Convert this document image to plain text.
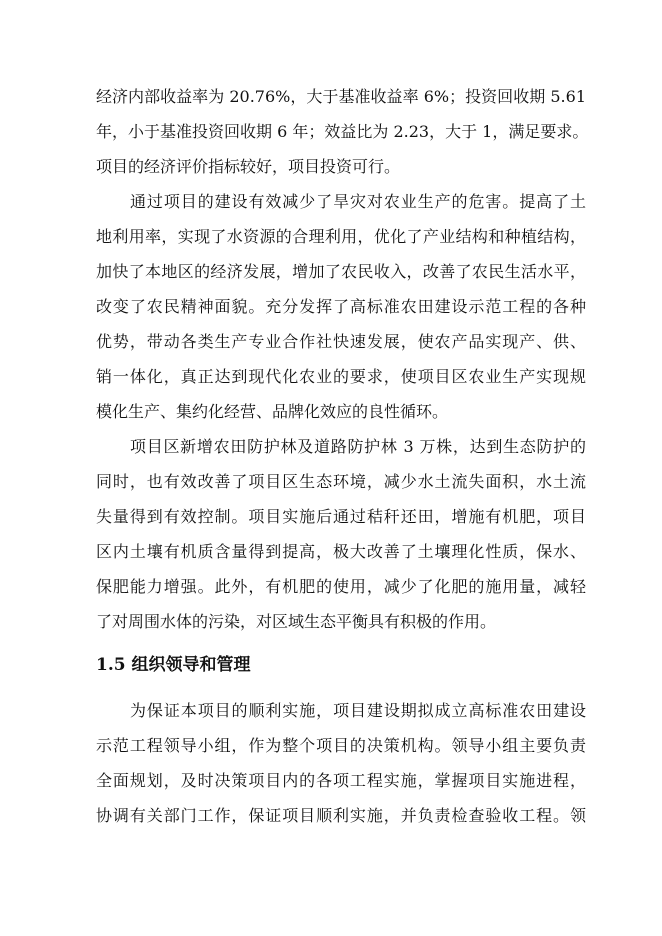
经济内部收益率为 20.76%，大于基准收益率 6%；投资回收期 5.61
年，小于基准投资回收期 6 年；效益比为 2.23，大于 1，满足要求。
项目的经济评价指标较好，项目投资可行。
通过项目的建设有效减少了旱灾对农业生产的危害。提高了土
地利用率，实现了水资源的合理利用，优化了产业结构和种植结构，
加快了本地区的经济发展，增加了农民收入，改善了农民生活水平，
改变了农民精神面貌。充分发挥了高标准农田建设示范工程的各种
优势，带动各类生产专业合作社快速发展，使农产品实现产、供、
销一体化，真正达到现代化农业的要求，使项目区农业生产实现规
模化生产、集约化经营、品牌化效应的良性循环。
项目区新增农田防护林及道路防护林 3 万株，达到生态防护的
同时，也有效改善了项目区生态环境，减少水土流失面积，水土流
失量得到有效控制。项目实施后通过秸秆还田，增施有机肥，项目
区内土壤有机质含量得到提高，极大改善了土壤理化性质，保水、
保肥能力增强。此外，有机肥的使用，减少了化肥的施用量，减轻
了对周围水体的污染，对区域生态平衡具有积极的作用。
1.5 组织领导和管理
为保证本项目的顺利实施，项目建设期拟成立高标准农田建设
示范工程领导小组，作为整个项目的决策机构。领导小组主要负责
全面规划，及时决策项目内的各项工程实施，掌握项目实施进程，
协调有关部门工作，保证项目顺利实施，并负责检查验收工程。领
